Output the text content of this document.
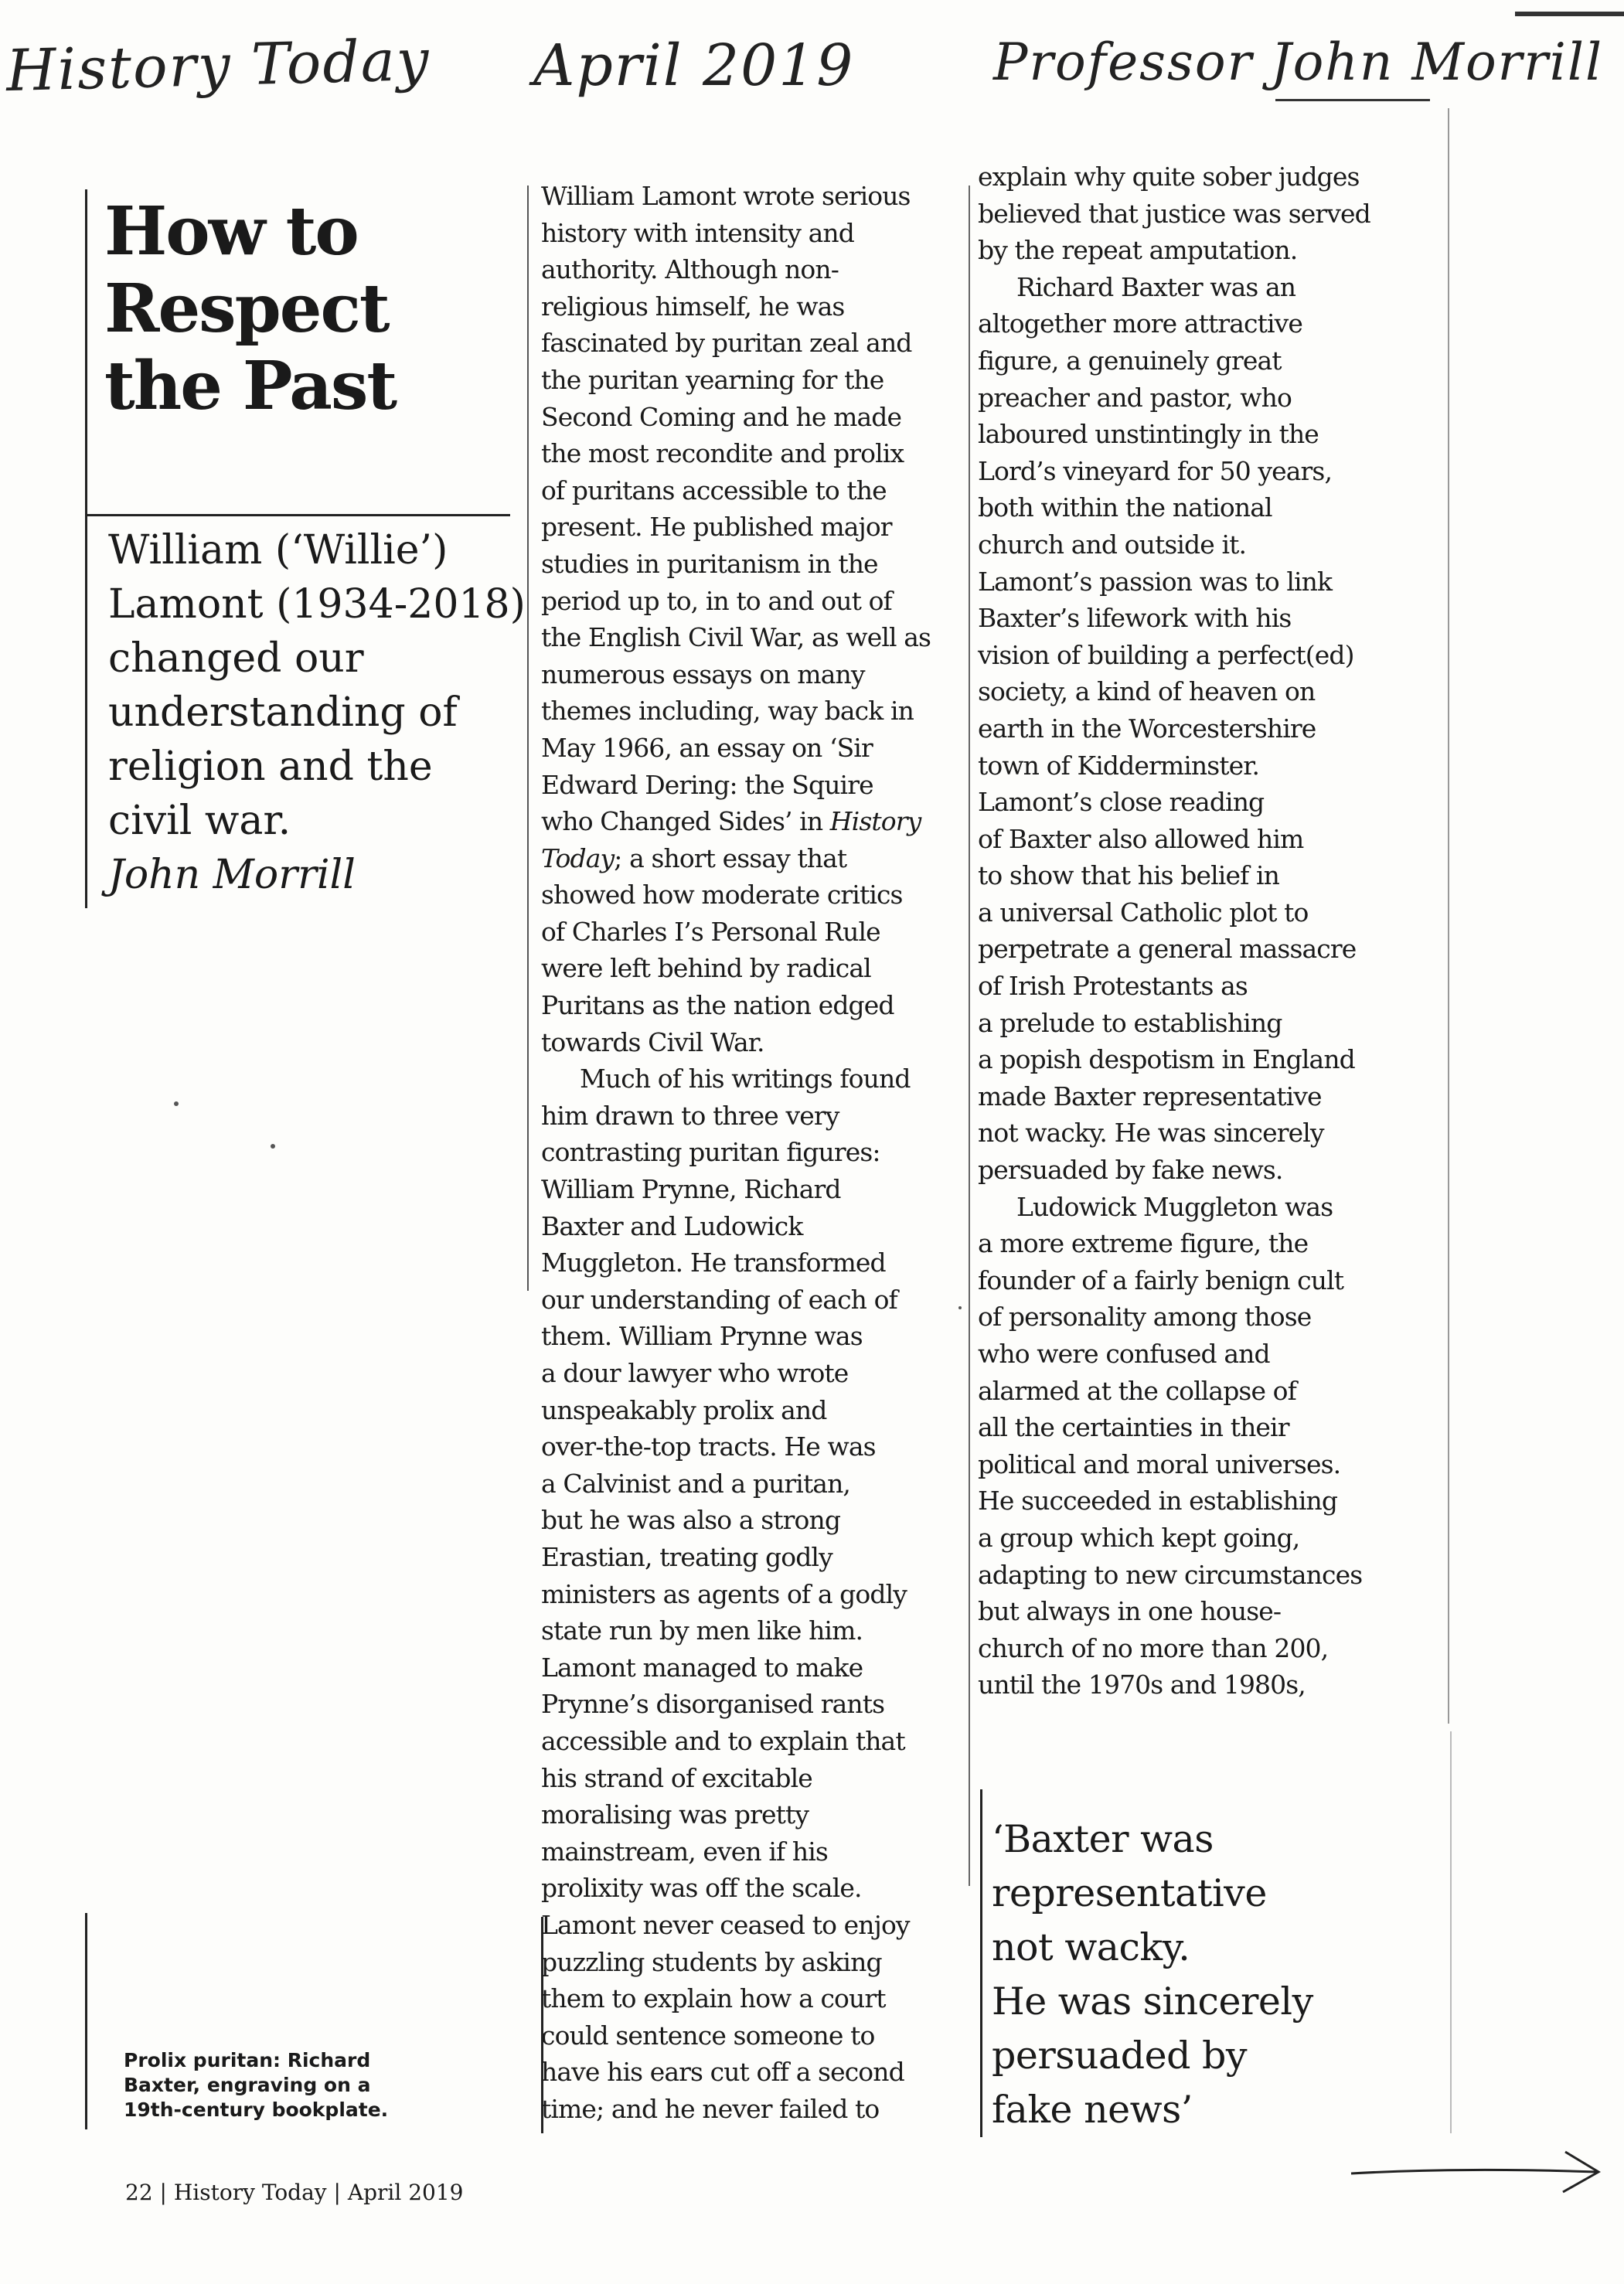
History Today April 2019	Professor John Morrill
How to
Respect
the Past

William (‘Willie’) Lamont (1934-2018) changed our understanding of religion and the civil war.
John Morrill

William Lamont wrote serious
history with intensity and
authority. Although non-
religious himself, he was
fascinated by puritan zeal and
the puritan yearning for the
Second Coming and he made
the most recondite and prolix
of puritans accessible to the
present. He published major
studies in puritanism in the
period up to, in to and out of
the English Civil War, as well as
numerous essays on many
themes including, way back in
May 1966, an essay on ‘Sir
Edward Dering: the Squire
who Changed Sides’ in History Today; a short essay that
showed how moderate critics
of Charles I’s Personal Rule
were left behind by radical
Puritans as the nation edged
towards Civil War.

Much of his writings found
him drawn to three very
contrasting puritan figures:
William Prynne, Richard
Baxter and Ludowick
Muggleton. He transformed
our understanding of each of
them. William Prynne was
a dour lawyer who wrote
unspeakably prolix and
over-the-top tracts. He was
a Calvinist and a puritan,
but he was also a strong
Erastian, treating godly
ministers as agents of a godly
state run by men like him.
Lamont managed to make
Prynne’s disorganised rants
accessible and to explain that
his strand of excitable
moralising was pretty
mainstream, even if his
prolixity was off the scale.
Lamont never ceased to enjoy
puzzling students by asking
them to explain how a court
could sentence someone to
have his ears cut off a second
time; and he never failed to

explain why quite sober judges
believed that justice was served
by the repeat amputation.

Richard Baxter was an
altogether more attractive
figure, a genuinely great
preacher and pastor, who
laboured unstintingly in the
Lord’s vineyard for 50 years,
both within the national
church and outside it.
Lamont’s passion was to link
Baxter’s lifework with his
vision of building a perfect(ed)
society, a kind of heaven on
earth in the Worcestershire
town of Kidderminster.
Lamont’s close reading
of Baxter also allowed him
to show that his belief in
a universal Catholic plot to
perpetrate a general massacre
of Irish Protestants as
a prelude to establishing
a popish despotism in England
made Baxter representative
not wacky. He was sincerely
persuaded by fake news.

Ludowick Muggleton was
a more extreme figure, the
founder of a fairly benign cult
of personality among those
who were confused and
alarmed at the collapse of
all the certainties in their
political and moral universes.
He succeeded in establishing
a group which kept going,
adapting to new circumstances
but always in one house-
church of no more than 200,
until the 1970s and 1980s,

‘Baxter was
representative
not wacky.
He was sincerely
persuaded by
fake news’

Prolix puritan: Richard Baxter, engraving on a 19th-century bookplate.

22 | History Today | April 2019
